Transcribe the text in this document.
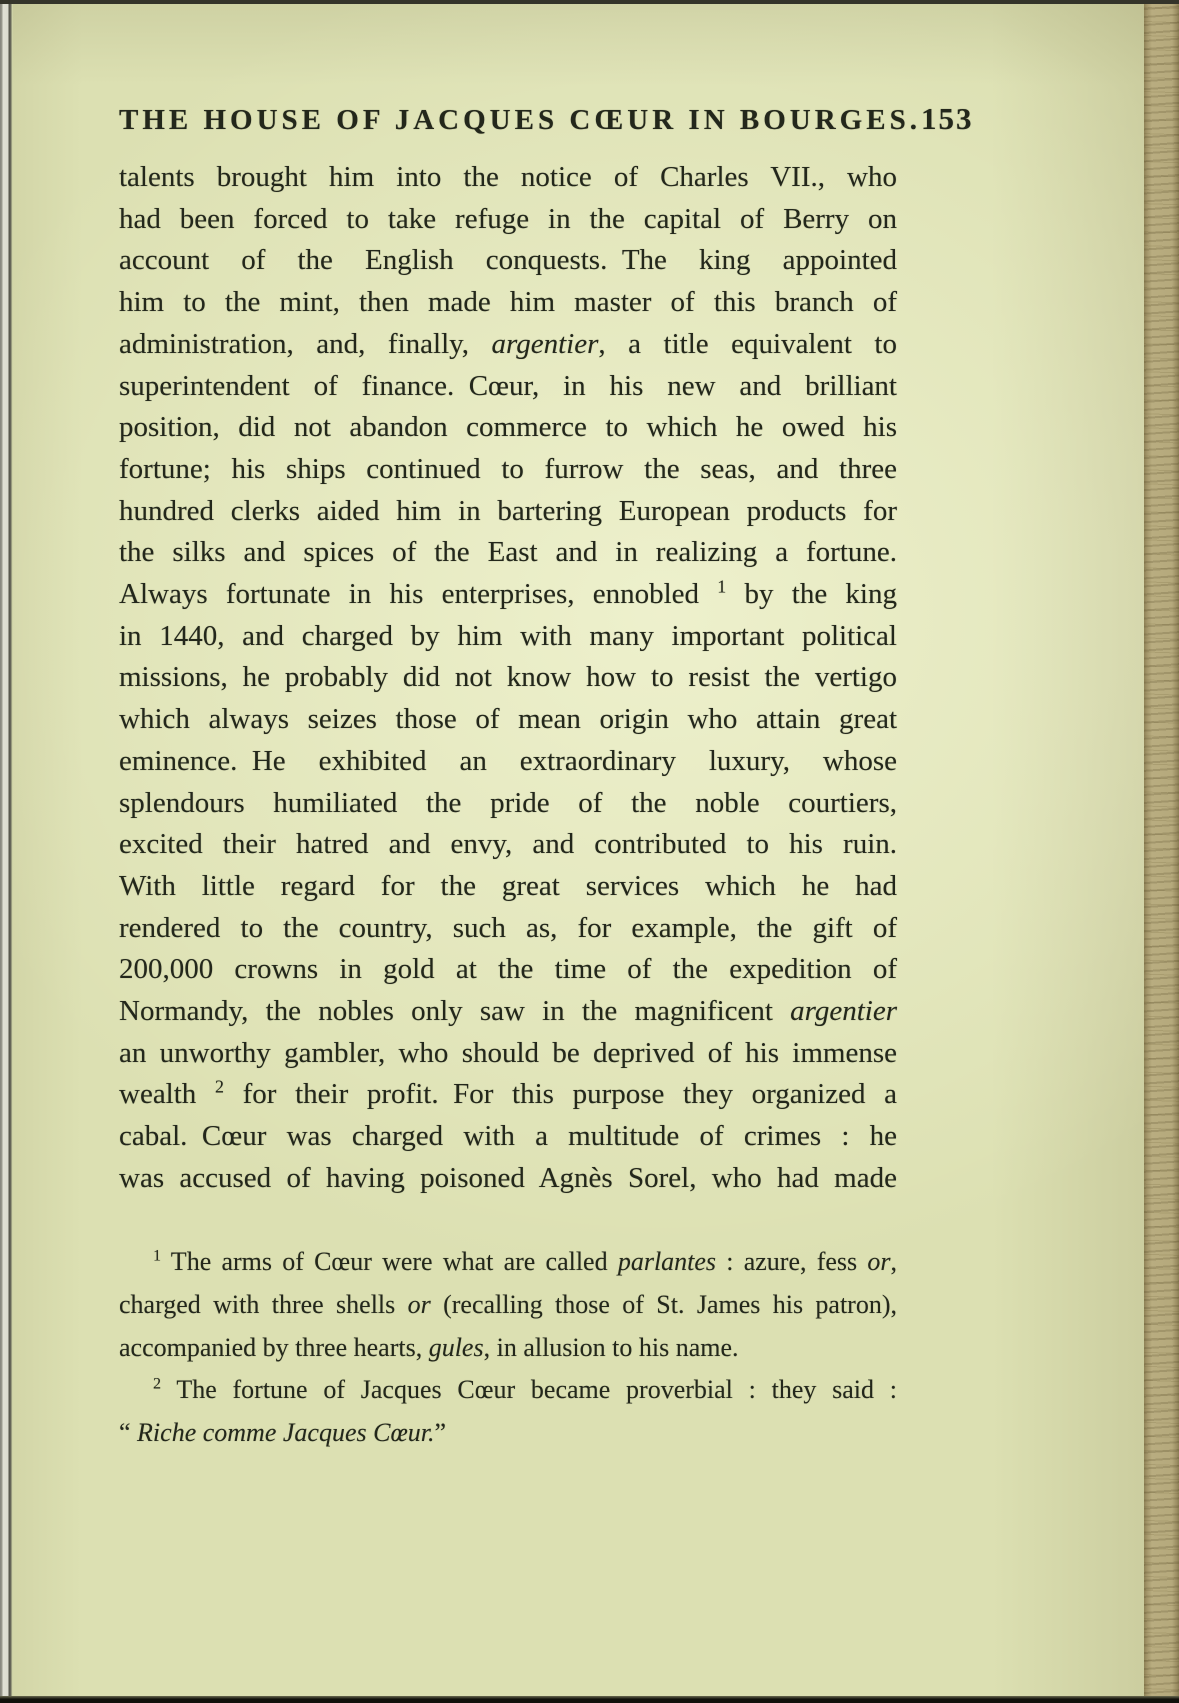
THE HOUSE OF JACQUES CŒUR IN BOURGES. 153
talents brought him into the notice of Charles VII., who
had been forced to take refuge in the capital of Berry on
account of the English conquests. The king appointed
him to the mint, then made him master of this branch of
administration, and, finally, argentier, a title equivalent to
superintendent of finance. Cœur, in his new and brilliant
position, did not abandon commerce to which he owed his
fortune; his ships continued to furrow the seas, and three
hundred clerks aided him in bartering European products for
the silks and spices of the East and in realizing a fortune.
Always fortunate in his enterprises, ennobled $^1$ by the king
in 1440, and charged by him with many important political
missions, he probably did not know how to resist the vertigo
which always seizes those of mean origin who attain great
eminence. He exhibited an extraordinary luxury, whose
splendours humiliated the pride of the noble courtiers,
excited their hatred and envy, and contributed to his ruin.
With little regard for the great services which he had
rendered to the country, such as, for example, the gift of
200,000 crowns in gold at the time of the expedition of
Normandy, the nobles only saw in the magnificent argentier
an unworthy gambler, who should be deprived of his immense
wealth $^2$ for their profit. For this purpose they organized a
cabal. Cœur was charged with a multitude of crimes : he
was accused of having poisoned Agnès Sorel, who had made
$^1$ The arms of Cœur were what are called parlantes : azure, fess or,
charged with three shells or (recalling those of St. James his patron),
accompanied by three hearts, gules, in allusion to his name.
$^2$ The fortune of Jacques Cœur became proverbial : they said :
“ Riche comme Jacques Cœur.”
